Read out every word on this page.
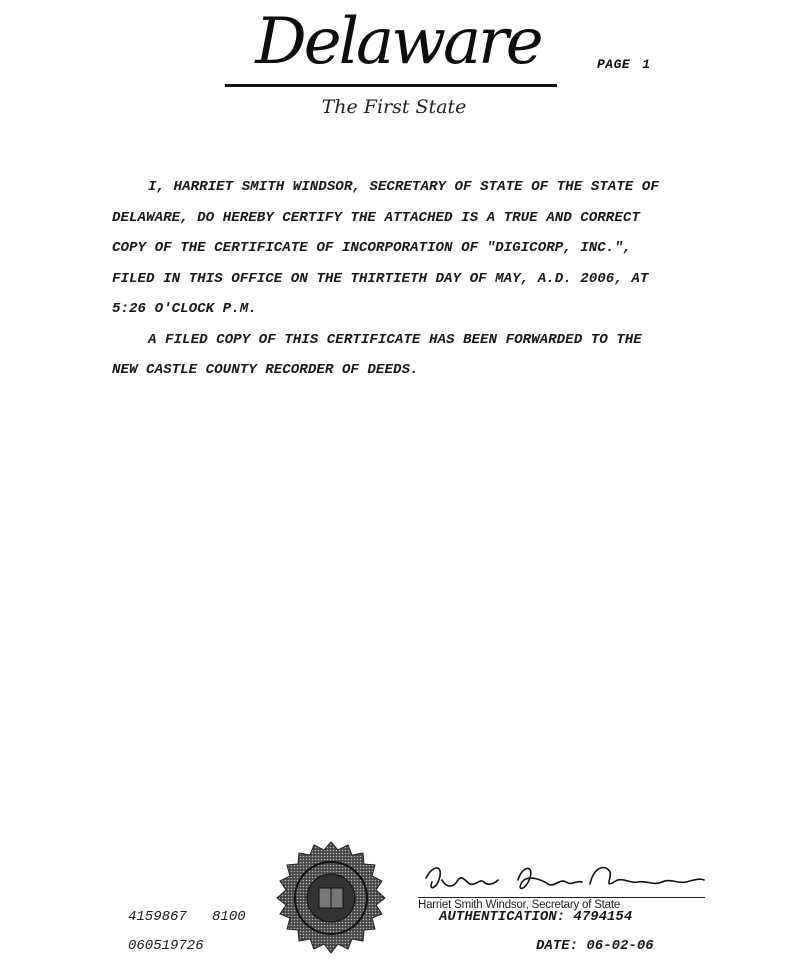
Delaware	PAGE 1
The First State
I, HARRIET SMITH WINDSOR, SECRETARY OF STATE OF THE STATE OF
DELAWARE, DO HEREBY CERTIFY THE ATTACHED IS A TRUE AND CORRECT
COPY OF THE CERTIFICATE OF INCORPORATION OF "DIGICORP, INC.",
FILED IN THIS OFFICE ON THE THIRTIETH DAY OF MAY, A.D. 2006, AT
5:26 O'CLOCK P.M.
A FILED COPY OF THIS CERTIFICATE HAS BEEN FORWARDED TO THE
NEW CASTLE COUNTY RECORDER OF DEEDS.
Harriet Smith Windsor, Secretary of State
4159867   8100
060519726
AUTHENTICATION: 4794154
DATE: 06-02-06
